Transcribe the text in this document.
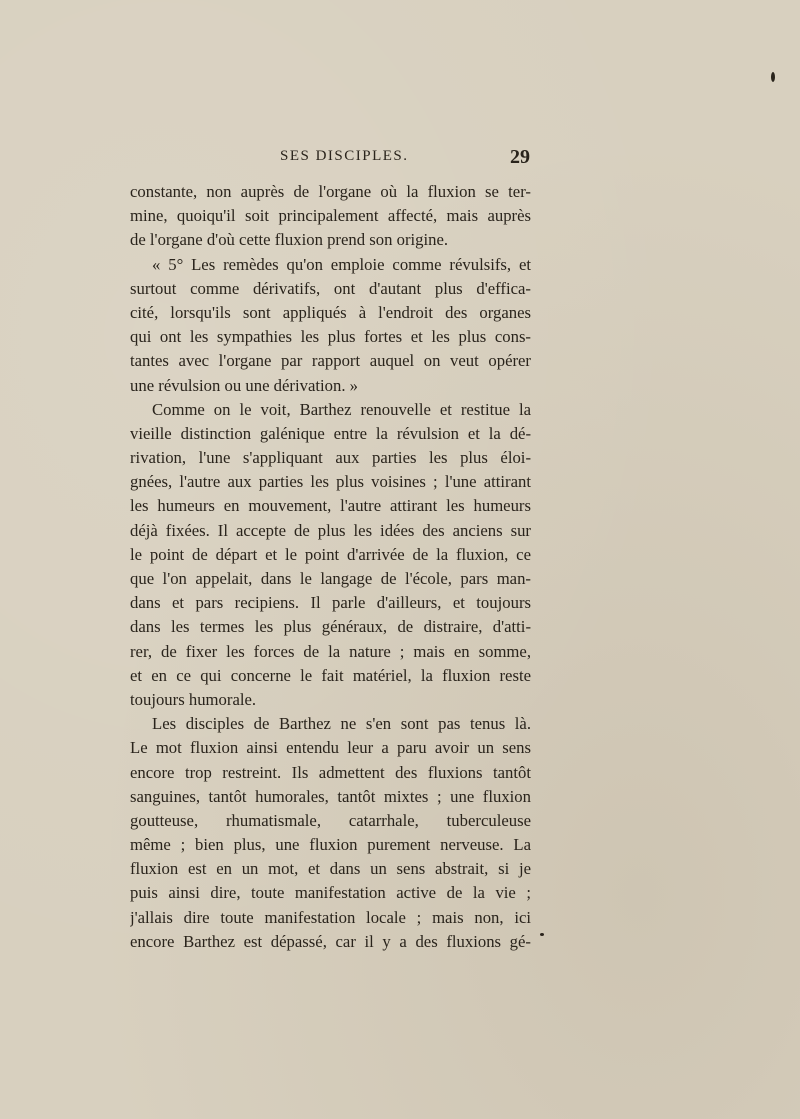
SES DISCIPLES.	29
constante, non auprès de l'organe où la fluxion se ter-
mine, quoiqu'il soit principalement affecté, mais auprès
de l'organe d'où cette fluxion prend son origine.
« 5° Les remèdes qu'on emploie comme révulsifs, et
surtout comme dérivatifs, ont d'autant plus d'effica-
cité, lorsqu'ils sont appliqués à l'endroit des organes
qui ont les sympathies les plus fortes et les plus cons-
tantes avec l'organe par rapport auquel on veut opérer
une révulsion ou une dérivation. »
Comme on le voit, Barthez renouvelle et restitue la
vieille distinction galénique entre la révulsion et la dé-
rivation, l'une s'appliquant aux parties les plus éloi-
gnées, l'autre aux parties les plus voisines ; l'une attirant
les humeurs en mouvement, l'autre attirant les humeurs
déjà fixées. Il accepte de plus les idées des anciens sur
le point de départ et le point d'arrivée de la fluxion, ce
que l'on appelait, dans le langage de l'école, pars man-
dans et pars recipiens. Il parle d'ailleurs, et toujours
dans les termes les plus généraux, de distraire, d'atti-
rer, de fixer les forces de la nature ; mais en somme,
et en ce qui concerne le fait matériel, la fluxion reste
toujours humorale.
Les disciples de Barthez ne s'en sont pas tenus là.
Le mot fluxion ainsi entendu leur a paru avoir un sens
encore trop restreint. Ils admettent des fluxions tantôt
sanguines, tantôt humorales, tantôt mixtes ; une fluxion
goutteuse, rhumatismale, catarrhale, tuberculeuse
même ; bien plus, une fluxion purement nerveuse. La
fluxion est en un mot, et dans un sens abstrait, si je
puis ainsi dire, toute manifestation active de la vie ;
j'allais dire toute manifestation locale ; mais non, ici
encore Barthez est dépassé, car il y a des fluxions gé-
